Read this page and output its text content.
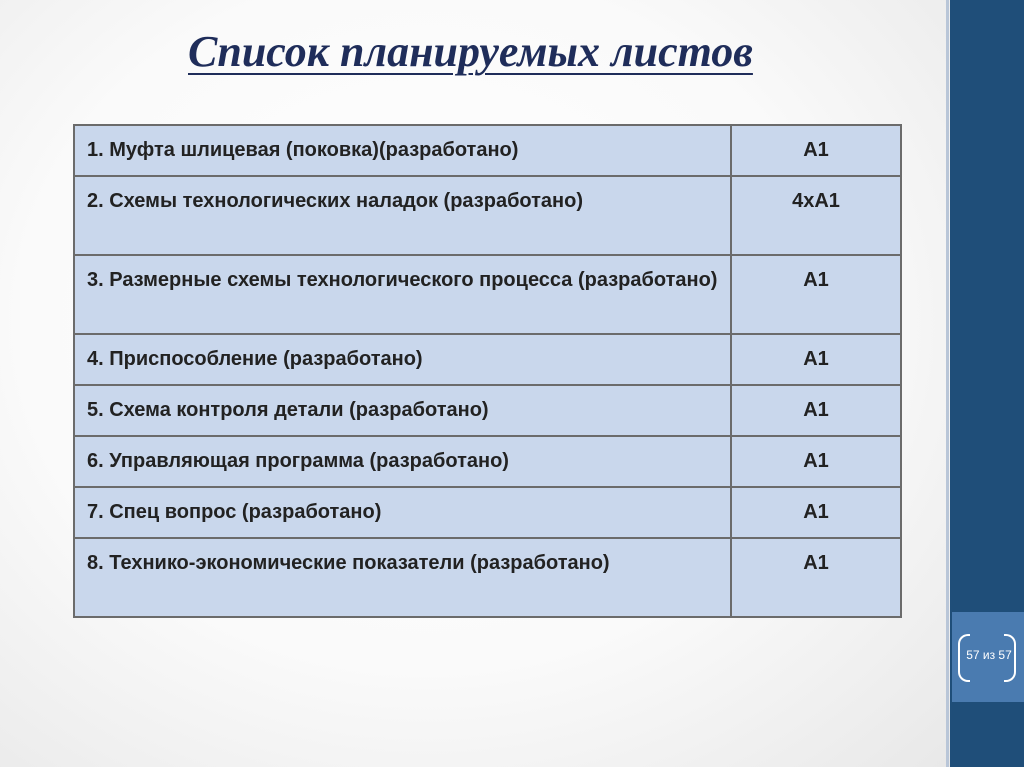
57 из 57
Список планируемых листов
1. Муфта шлицевая (поковка)(разработано)	А1
2. Схемы технологических наладок (разработано)	4хА1
3. Размерные схемы технологического процесса (разработано)	А1
4. Приспособление (разработано)	А1
5. Схема контроля детали (разработано)	А1
6. Управляющая программа (разработано)	А1
7. Спец вопрос (разработано)	А1
8. Технико-экономические показатели (разработано)	А1
